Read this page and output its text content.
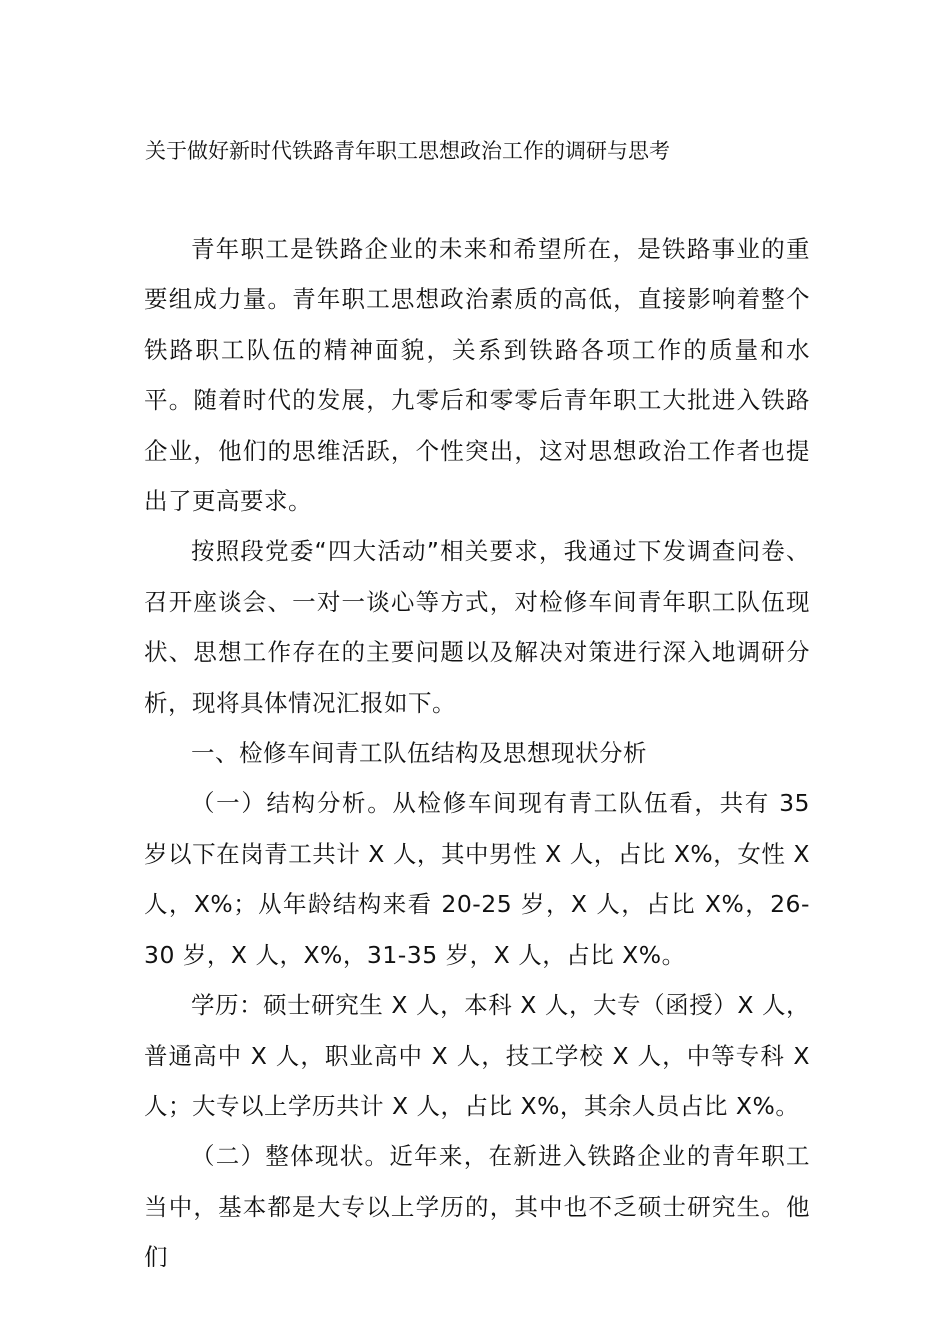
关于做好新时代铁路青年职工思想政治工作的调研与思考

青年职工是铁路企业的未来和希望所在，是铁路事业的重要组成力量。青年职工思想政治素质的高低，直接影响着整个铁路职工队伍的精神面貌，关系到铁路各项工作的质量和水平。随着时代的发展，九零后和零零后青年职工大批进入铁路企业，他们的思维活跃，个性突出，这对思想政治工作者也提出了更高要求。

按照段党委“四大活动”相关要求，我通过下发调查问卷、召开座谈会、一对一谈心等方式，对检修车间青年职工队伍现状、思想工作存在的主要问题以及解决对策进行深入地调研分析，现将具体情况汇报如下。

一、检修车间青工队伍结构及思想现状分析

（一）结构分析。从检修车间现有青工队伍看，共有 35 岁以下在岗青工共计 X 人，其中男性 X 人，占比 X%，女性 X 人，X%；从年龄结构来看 20-25 岁，X 人，占比 X%，26-30 岁，X 人，X%，31-35 岁，X 人，占比 X%。

学历：硕士研究生 X 人，本科 X 人，大专（函授）X 人，普通高中 X 人，职业高中 X 人，技工学校 X 人，中等专科 X 人；大专以上学历共计 X 人，占比 X%，其余人员占比 X%。

（二）整体现状。近年来，在新进入铁路企业的青年职工当中，基本都是大专以上学历的，其中也不乏硕士研究生。他们
